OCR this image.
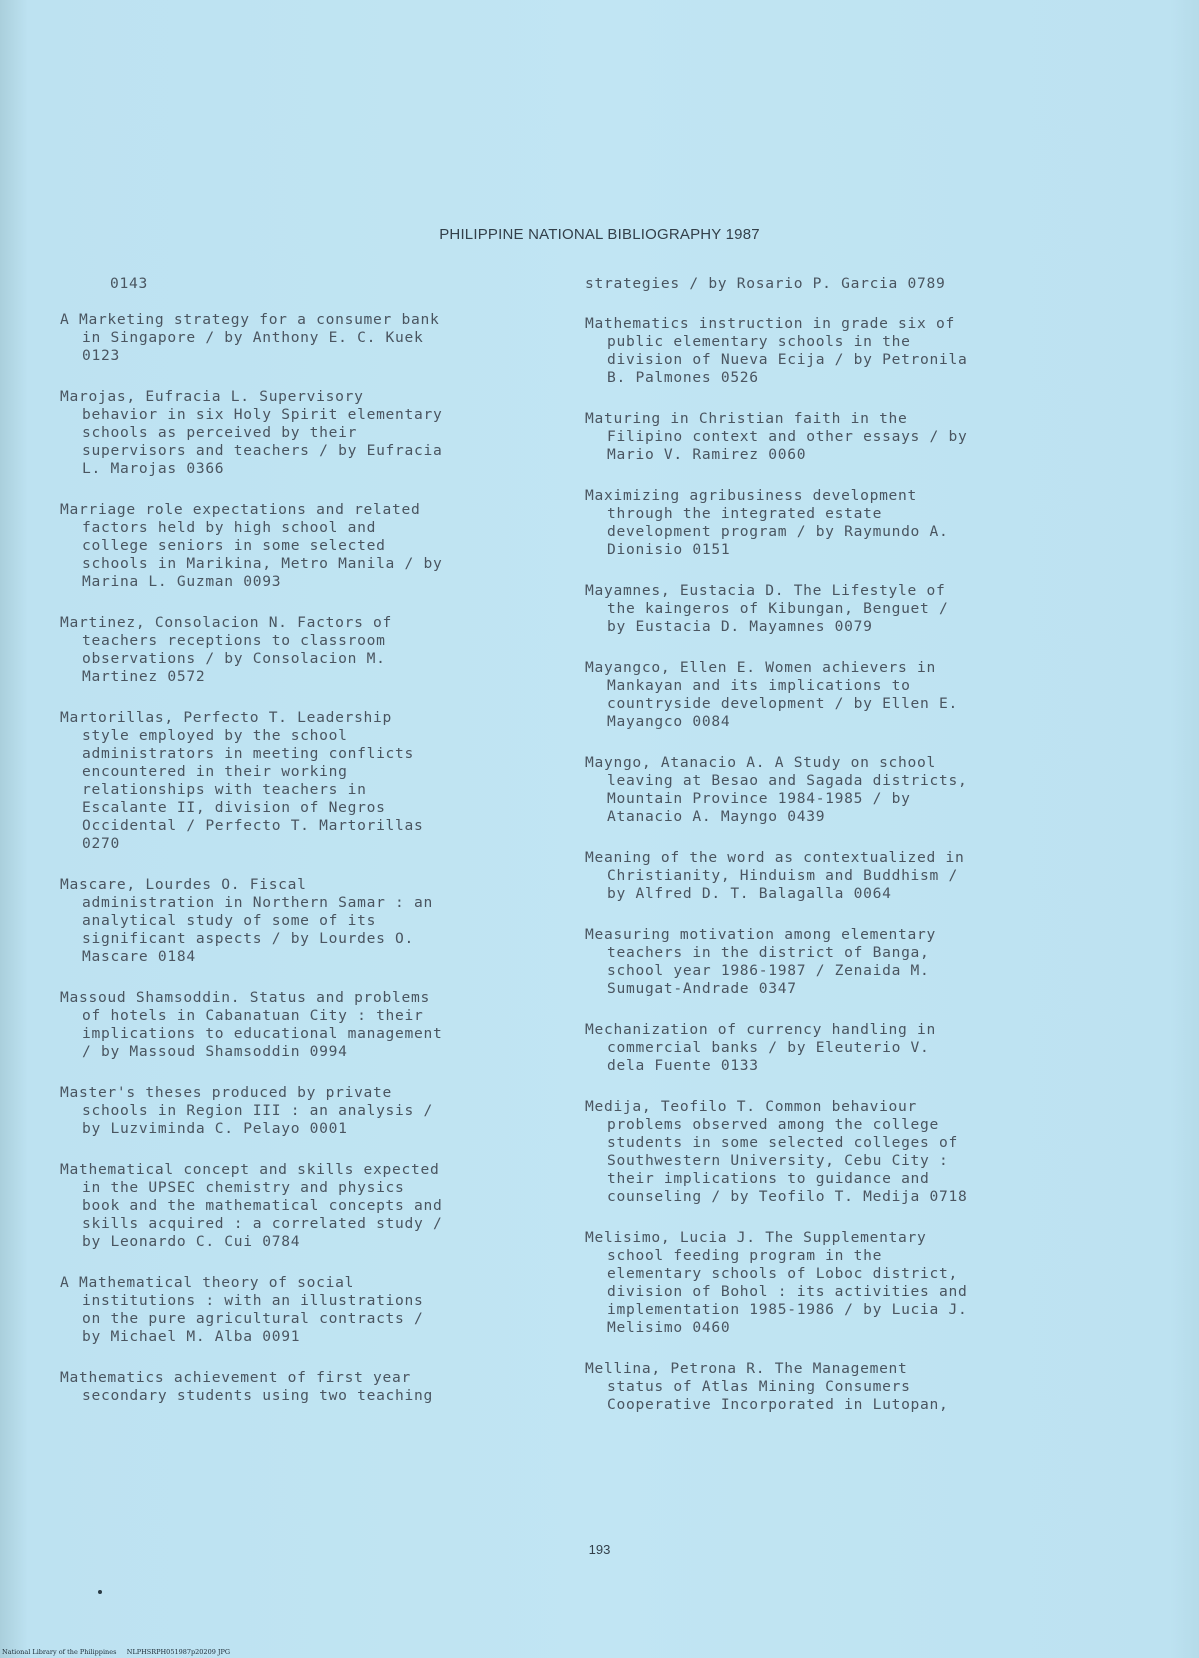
PHILIPPINE NATIONAL BIBLIOGRAPHY 1987
0143
A Marketing strategy for a consumer bank
in Singapore / by Anthony E. C. Kuek
0123
Marojas, Eufracia L. Supervisory
behavior in six Holy Spirit elementary
schools as perceived by their
supervisors and teachers / by Eufracia
L. Marojas 0366
Marriage role expectations and related
factors held by high school and
college seniors in some selected
schools in Marikina, Metro Manila / by
Marina L. Guzman 0093
Martinez, Consolacion N. Factors of
teachers receptions to classroom
observations / by Consolacion M.
Martinez 0572
Martorillas, Perfecto T. Leadership
style employed by the school
administrators in meeting conflicts
encountered in their working
relationships with teachers in
Escalante II, division of Negros
Occidental / Perfecto T. Martorillas
0270
Mascare, Lourdes O. Fiscal
administration in Northern Samar : an
analytical study of some of its
significant aspects / by Lourdes O.
Mascare 0184
Massoud Shamsoddin. Status and problems
of hotels in Cabanatuan City : their
implications to educational management
/ by Massoud Shamsoddin 0994
Master's theses produced by private
schools in Region III : an analysis /
by Luzviminda C. Pelayo 0001
Mathematical concept and skills expected
in the UPSEC chemistry and physics
book and the mathematical concepts and
skills acquired : a correlated study /
by Leonardo C. Cui 0784
A Mathematical theory of social
institutions : with an illustrations
on the pure agricultural contracts /
by Michael M. Alba 0091
Mathematics achievement of first year
secondary students using two teaching
strategies / by Rosario P. Garcia 0789
Mathematics instruction in grade six of
public elementary schools in the
division of Nueva Ecija / by Petronila
B. Palmones 0526
Maturing in Christian faith in the
Filipino context and other essays / by
Mario V. Ramirez 0060
Maximizing agribusiness development
through the integrated estate
development program / by Raymundo A.
Dionisio 0151
Mayamnes, Eustacia D. The Lifestyle of
the kaingeros of Kibungan, Benguet /
by Eustacia D. Mayamnes 0079
Mayangco, Ellen E. Women achievers in
Mankayan and its implications to
countryside development / by Ellen E.
Mayangco 0084
Mayngo, Atanacio A. A Study on school
leaving at Besao and Sagada districts,
Mountain Province 1984-1985 / by
Atanacio A. Mayngo 0439
Meaning of the word as contextualized in
Christianity, Hinduism and Buddhism /
by Alfred D. T. Balagalla 0064
Measuring motivation among elementary
teachers in the district of Banga,
school year 1986-1987 / Zenaida M.
Sumugat-Andrade 0347
Mechanization of currency handling in
commercial banks / by Eleuterio V.
dela Fuente 0133
Medija, Teofilo T. Common behaviour
problems observed among the college
students in some selected colleges of
Southwestern University, Cebu City :
their implications to guidance and
counseling / by Teofilo T. Medija 0718
Melisimo, Lucia J. The Supplementary
school feeding program in the
elementary schools of Loboc district,
division of Bohol : its activities and
implementation 1985-1986 / by Lucia J.
Melisimo 0460
Mellina, Petrona R. The Management
status of Atlas Mining Consumers
Cooperative Incorporated in Lutopan,
193
National Library of the Philippines     NLPHSRPH051987p20209 JPG
